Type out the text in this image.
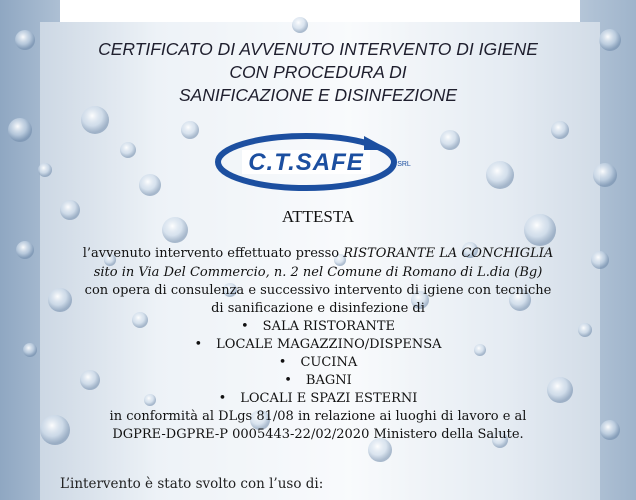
CERTIFICATO DI AVVENUTO INTERVENTO DI IGIENE
CON PROCEDURA DI
SANIFICAZIONE E DISINFEZIONE
C.T.SAFE	SRL
ATTESTA
l’avvenuto intervento effettuato presso RISTORANTE LA CONCHIGLIA
sito in Via Del Commercio, n. 2 nel Comune di Romano di L.dia (Bg)
con opera di consulenza e successivo intervento di igiene con tecniche
di sanificazione e disinfezione di
• SALA RISTORANTE
• LOCALE MAGAZZINO/DISPENSA
• CUCINA
• BAGNI
• LOCALI E SPAZI ESTERNI
in conformità al DLgs 81/08 in relazione ai luoghi di lavoro e al
DGPRE-DGPRE-P 0005443-22/02/2020 Ministero della Salute.
L’intervento è stato svolto con l’uso di:
